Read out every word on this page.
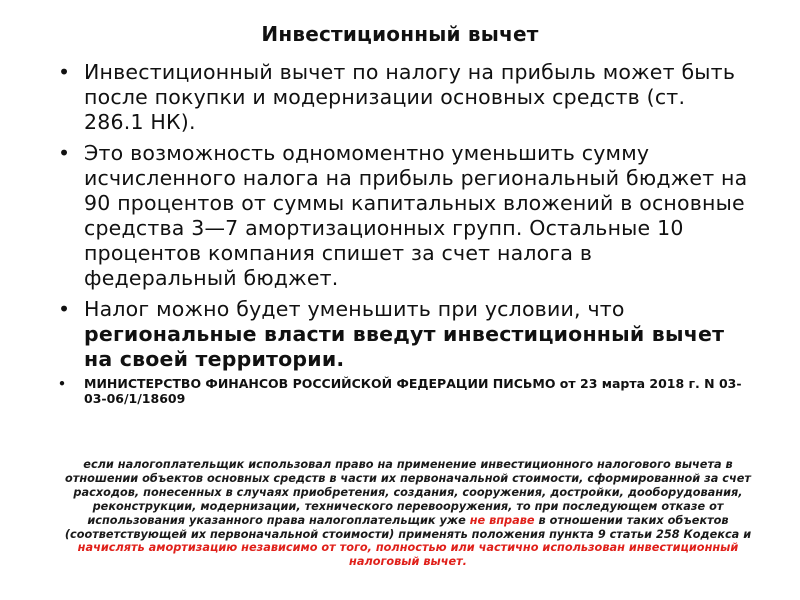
Инвестиционный вычет
• Инвестиционный вычет по налогу на прибыль может быть после покупки и модернизации основных средств (ст. 286.1 НК).
• Это возможность одномоментно уменьшить сумму исчисленного налога на прибыль региональный бюджет на 90 процентов от суммы капитальных вложений в основные средства 3—7 амортизационных групп. Остальные 10 процентов компания спишет за счет налога в федеральный бюджет.
• Налог можно будет уменьшить при условии, что региональные власти введут инвестиционный вычет на своей территории.
• МИНИСТЕРСТВО ФИНАНСОВ РОССИЙСКОЙ ФЕДЕРАЦИИ ПИСЬМО от 23 марта 2018 г. N 03-03-06/1/18609
если налогоплательщик использовал право на применение инвестиционного налогового вычета в отношении объектов основных средств в части их первоначальной стоимости, сформированной за счет расходов, понесенных в случаях приобретения, создания, сооружения, достройки, дооборудования, реконструкции, модернизации, технического перевооружения, то при последующем отказе от использования указанного права налогоплательщик уже не вправе в отношении таких объектов (соответствующей их первоначальной стоимости) применять положения пункта 9 статьи 258 Кодекса и начислять амортизацию независимо от того, полностью или частично использован инвестиционный налоговый вычет.
